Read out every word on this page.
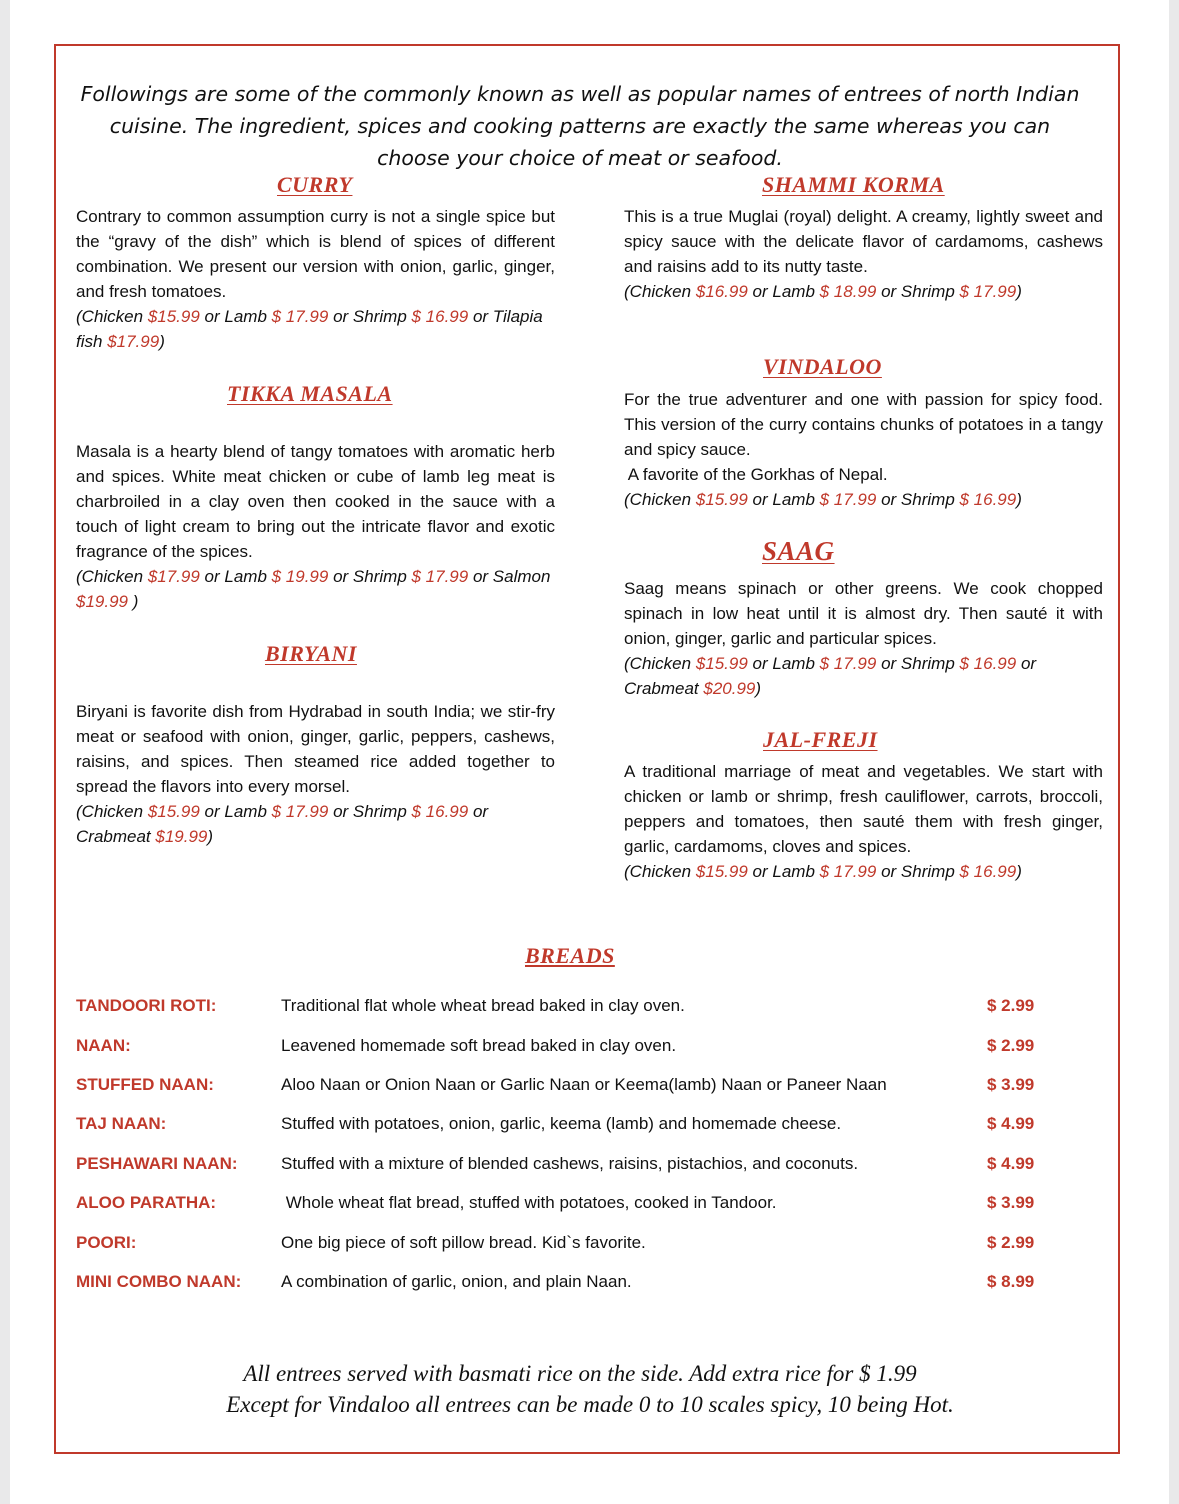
Followings are some of the commonly known as well as popular names of entrees of north Indian cuisine. The ingredient, spices and cooking patterns are exactly the same whereas you can choose your choice of meat or seafood.
CURRY
Contrary to common assumption curry is not a single spice but the “gravy of the dish” which is blend of spices of different combination. We present our version with onion, garlic, ginger, and fresh tomatoes.
(Chicken $15.99 or Lamb $ 17.99 or Shrimp $ 16.99 or Tilapia fish $17.99)
TIKKA MASALA
Masala is a hearty blend of tangy tomatoes with aromatic herb and spices. White meat chicken or cube of lamb leg meat is charbroiled in a clay oven then cooked in the sauce with a touch of light cream to bring out the intricate flavor and exotic fragrance of the spices.
(Chicken $17.99 or Lamb $ 19.99 or Shrimp $ 17.99 or Salmon $19.99 )
BIRYANI
Biryani is favorite dish from Hydrabad in south India; we stir-fry meat or seafood with onion, ginger, garlic, peppers, cashews, raisins, and spices. Then steamed rice added together to spread the flavors into every morsel.
(Chicken $15.99 or Lamb $ 17.99 or Shrimp $ 16.99 or Crabmeat $19.99)
SHAMMI KORMA
This is a true Muglai (royal) delight. A creamy, lightly sweet and spicy sauce with the delicate flavor of cardamoms, cashews and raisins add to its nutty taste.
(Chicken $16.99 or Lamb $ 18.99 or Shrimp $ 17.99)
VINDALOO
For the true adventurer and one with passion for spicy food. This version of the curry contains chunks of potatoes in a tangy and spicy sauce.
A favorite of the Gorkhas of Nepal.
(Chicken $15.99 or Lamb $ 17.99 or Shrimp $ 16.99)
SAAG
Saag means spinach or other greens. We cook chopped spinach in low heat until it is almost dry. Then sauté it with onion, ginger, garlic and particular spices.
(Chicken $15.99 or Lamb $ 17.99 or Shrimp $ 16.99 or Crabmeat $20.99)
JAL-FREJI
A traditional marriage of meat and vegetables. We start with chicken or lamb or shrimp, fresh cauliflower, carrots, broccoli, peppers and tomatoes, then sauté them with fresh ginger, garlic, cardamoms, cloves and spices.
(Chicken $15.99 or Lamb $ 17.99 or Shrimp $ 16.99)
BREADS
TANDOORI ROTI:	Traditional flat whole wheat bread baked in clay oven.	$ 2.99
NAAN:	Leavened homemade soft bread baked in clay oven.	$ 2.99
STUFFED NAAN:	Aloo Naan or Onion Naan or Garlic Naan or Keema(lamb) Naan or Paneer Naan	$ 3.99
TAJ NAAN:	Stuffed with potatoes, onion, garlic, keema (lamb) and homemade cheese.	$ 4.99
PESHAWARI NAAN:	Stuffed with a mixture of blended cashews, raisins, pistachios, and coconuts.	$ 4.99
ALOO PARATHA:	Whole wheat flat bread, stuffed with potatoes, cooked in Tandoor.	$ 3.99
POORI:	One big piece of soft pillow bread. Kid`s favorite.	$ 2.99
MINI COMBO NAAN: A combination of garlic, onion, and plain Naan.	$ 8.99
All entrees served with basmati rice on the side. Add extra rice for $ 1.99
Except for Vindaloo all entrees can be made 0 to 10 scales spicy, 10 being Hot.
